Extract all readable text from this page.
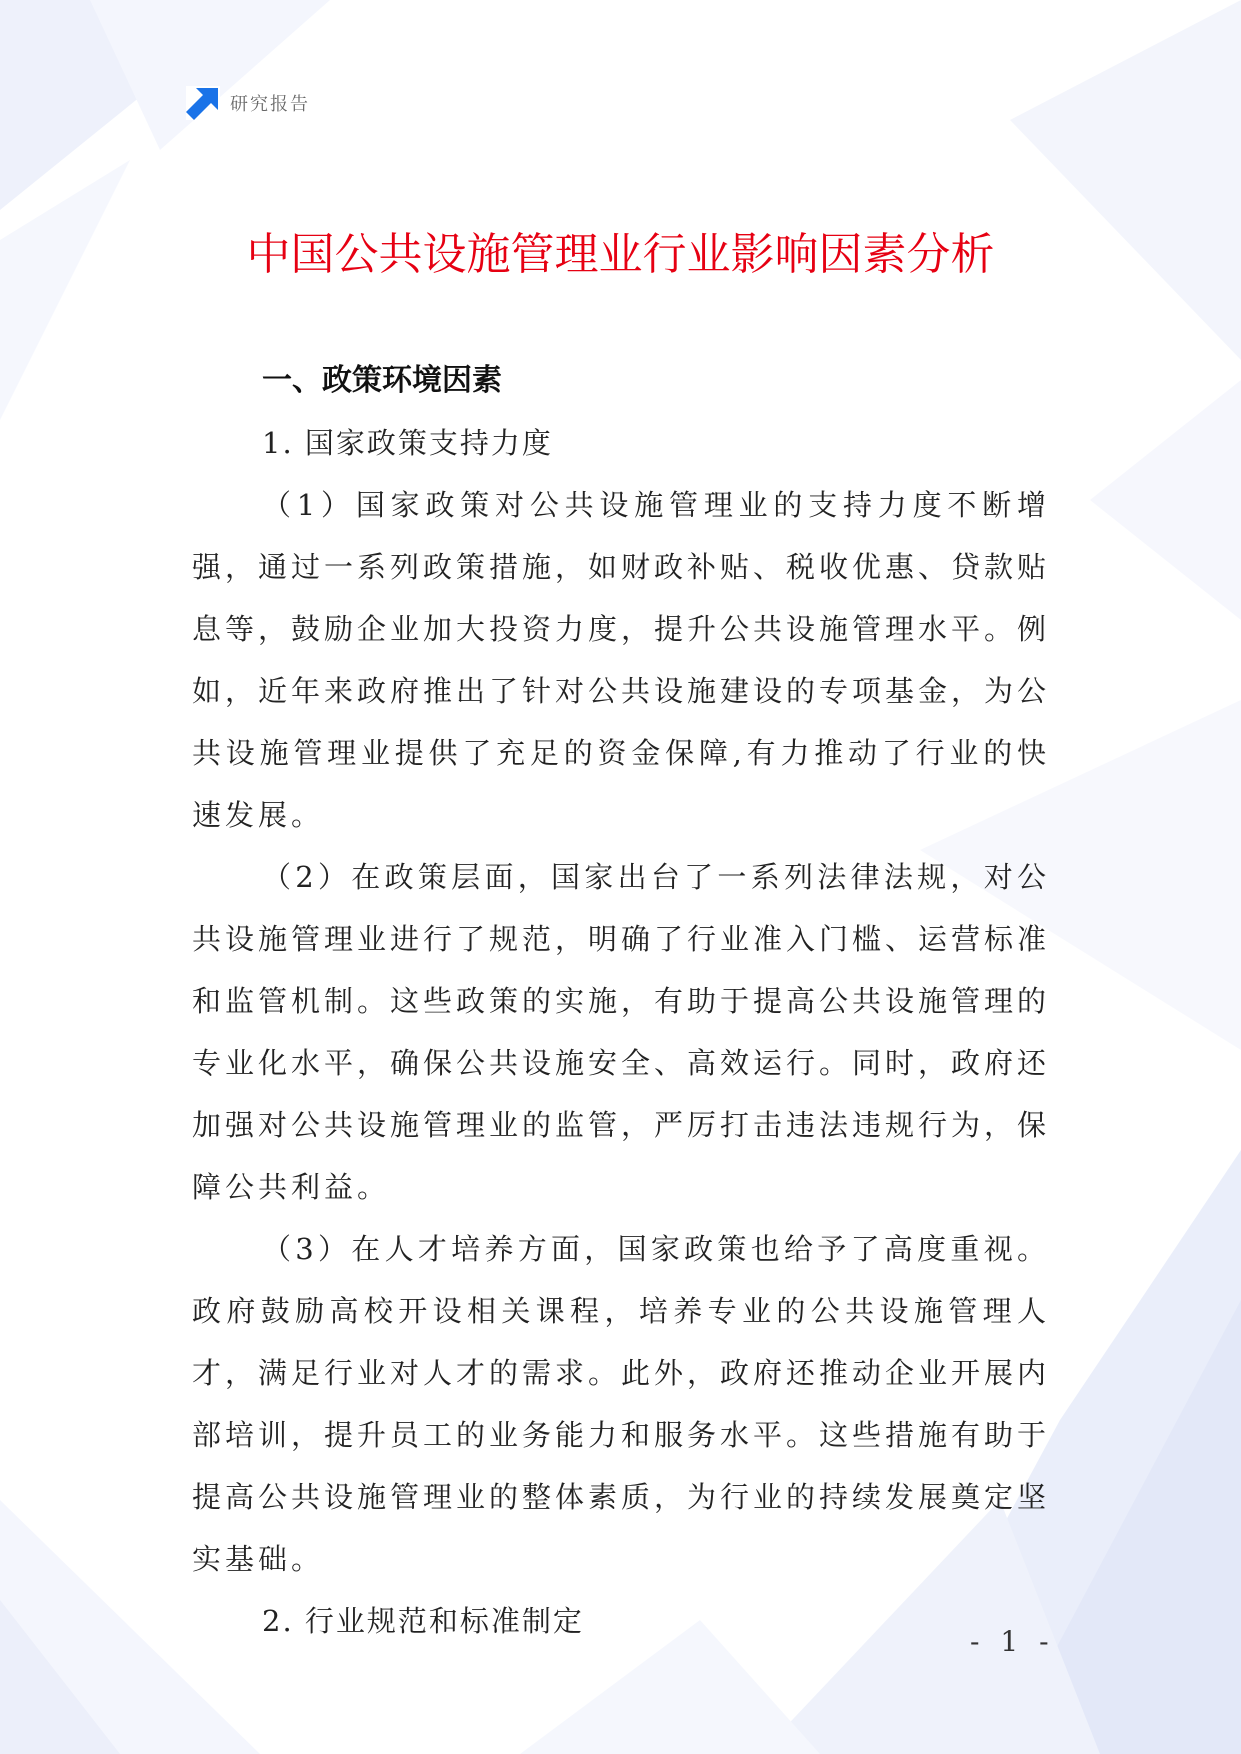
研究报告
中国公共设施管理业行业影响因素分析
一、政策环境因素
1. 国家政策支持力度

（1）国家政策对公共设施管理业的支持力度不断增强，通过一系列政策措施，如财政补贴、税收优惠、贷款贴息等，鼓励企业加大投资力度，提升公共设施管理水平。例如，近年来政府推出了针对公共设施建设的专项基金，为公共设施管理业提供了充足的资金保障,有力推动了行业的快速发展。

（2）在政策层面，国家出台了一系列法律法规，对公共设施管理业进行了规范，明确了行业准入门槛、运营标准和监管机制。这些政策的实施，有助于提高公共设施管理的专业化水平，确保公共设施安全、高效运行。同时，政府还加强对公共设施管理业的监管，严厉打击违法违规行为，保障公共利益。

（3）在人才培养方面，国家政策也给予了高度重视。政府鼓励高校开设相关课程，培养专业的公共设施管理人才，满足行业对人才的需求。此外，政府还推动企业开展内部培训，提升员工的业务能力和服务水平。这些措施有助于提高公共设施管理业的整体素质，为行业的持续发展奠定坚实基础。

2. 行业规范和标准制定
- 1 -
